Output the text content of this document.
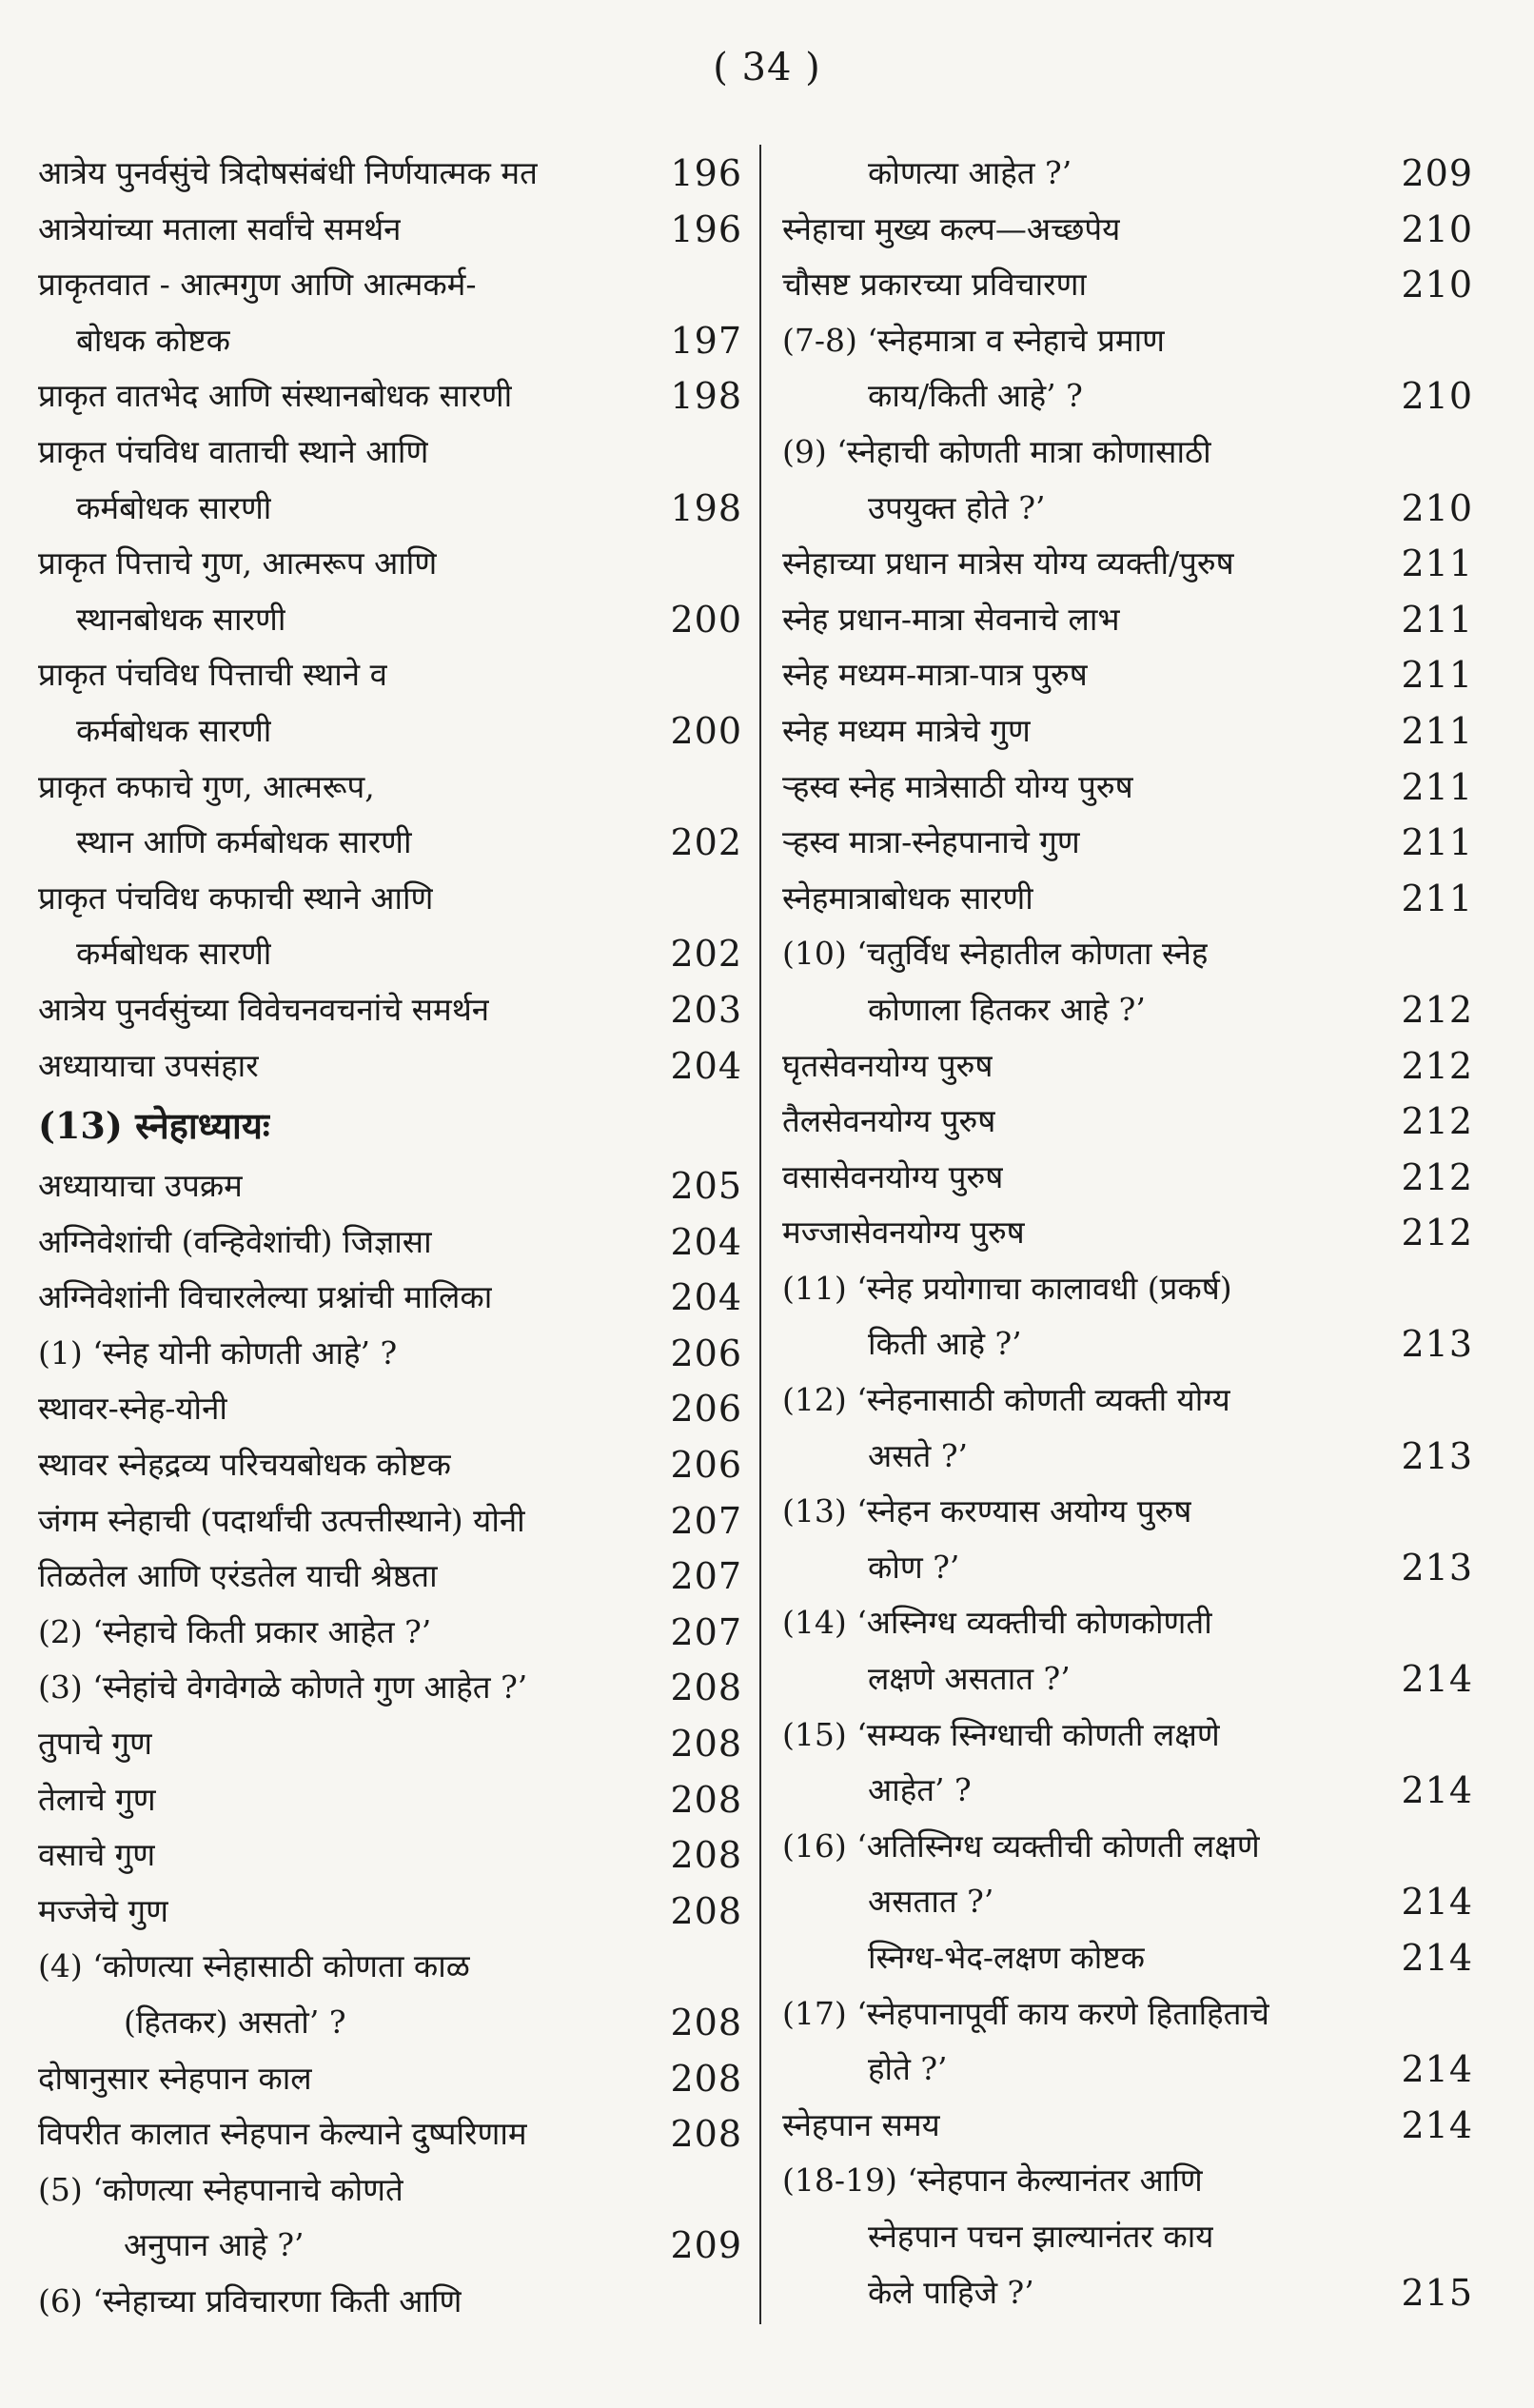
( 34 )
आत्रेय पुनर्वसुंचे त्रिदोषसंबंधी निर्णयात्मक मत	196
आत्रेयांच्या मताला सर्वांचे समर्थन	196
प्राकृतवात - आत्मगुण आणि आत्मकर्म-
बोधक कोष्टक	197
प्राकृत वातभेद आणि संस्थानबोधक सारणी	198
प्राकृत पंचविध वाताची स्थाने आणि
कर्मबोधक सारणी	198
प्राकृत पित्ताचे गुण, आत्मरूप आणि
स्थानबोधक सारणी	200
प्राकृत पंचविध पित्ताची स्थाने व
कर्मबोधक सारणी	200
प्राकृत कफाचे गुण, आत्मरूप,
स्थान आणि कर्मबोधक सारणी	202
प्राकृत पंचविध कफाची स्थाने आणि
कर्मबोधक सारणी	202
आत्रेय पुनर्वसुंच्या विवेचनवचनांचे समर्थन	203
अध्यायाचा उपसंहार	204
(13) स्नेहाध्यायः
अध्यायाचा उपक्रम	205
अग्निवेशांची (वन्हिवेशांची) जिज्ञासा	204
अग्निवेशांनी विचारलेल्या प्रश्नांची मालिका	204
(1) ‘स्नेह योनी कोणती आहे’ ?	206
स्थावर-स्नेह-योनी	206
स्थावर स्नेहद्रव्य परिचयबोधक कोष्टक	206
जंगम स्नेहाची (पदार्थांची उत्पत्तीस्थाने) योनी	207
तिळतेल आणि एरंडतेल याची श्रेष्ठता	207
(2) ‘स्नेहाचे किती प्रकार आहेत ?’	207
(3) ‘स्नेहांचे वेगवेगळे कोणते गुण आहेत ?’	208
तुपाचे गुण	208
तेलाचे गुण	208
वसाचे गुण	208
मज्जेचे गुण	208
(4) ‘कोणत्या स्नेहासाठी कोणता काळ
(हितकर) असतो’ ?	208
दोषानुसार स्नेहपान काल	208
विपरीत कालात स्नेहपान केल्याने दुष्परिणाम	208
(5) ‘कोणत्या स्नेहपानाचे कोणते
अनुपान आहे ?’	209
(6) ‘स्नेहाच्या प्रविचारणा किती आणि
कोणत्या आहेत ?’	209
स्नेहाचा मुख्य कल्प—अच्छपेय	210
चौसष्ट प्रकारच्या प्रविचारणा	210
(7-8) ‘स्नेहमात्रा व स्नेहाचे प्रमाण
काय/किती आहे’ ?	210
(9) ‘स्नेहाची कोणती मात्रा कोणासाठी
उपयुक्त होते ?’	210
स्नेहाच्या प्रधान मात्रेस योग्य व्यक्ती/पुरुष	211
स्नेह प्रधान-मात्रा सेवनाचे लाभ	211
स्नेह मध्यम-मात्रा-पात्र पुरुष	211
स्नेह मध्यम मात्रेचे गुण	211
ऱ्हस्व स्नेह मात्रेसाठी योग्य पुरुष	211
ऱ्हस्व मात्रा-स्नेहपानाचे गुण	211
स्नेहमात्राबोधक सारणी	211
(10) ‘चतुर्विध स्नेहातील कोणता स्नेह
कोणाला हितकर आहे ?’	212
घृतसेवनयोग्य पुरुष	212
तैलसेवनयोग्य पुरुष	212
वसासेवनयोग्य पुरुष	212
मज्जासेवनयोग्य पुरुष	212
(11) ‘स्नेह प्रयोगाचा कालावधी (प्रकर्ष)
किती आहे ?’	213
(12) ‘स्नेहनासाठी कोणती व्यक्ती योग्य
असते ?’	213
(13) ‘स्नेहन करण्यास अयोग्य पुरुष
कोण ?’	213
(14) ‘अस्निग्ध व्यक्तीची कोणकोणती
लक्षणे असतात ?’	214
(15) ‘सम्यक स्निग्धाची कोणती लक्षणे
आहेत’ ?	214
(16) ‘अतिस्निग्ध व्यक्तीची कोणती लक्षणे
असतात ?’	214
स्निग्ध-भेद-लक्षण कोष्टक	214
(17) ‘स्नेहपानापूर्वी काय करणे हिताहिताचे
होते ?’	214
स्नेहपान समय	214
(18-19) ‘स्नेहपान केल्यानंतर आणि
स्नेहपान पचन झाल्यानंतर काय
केले पाहिजे ?’	215
